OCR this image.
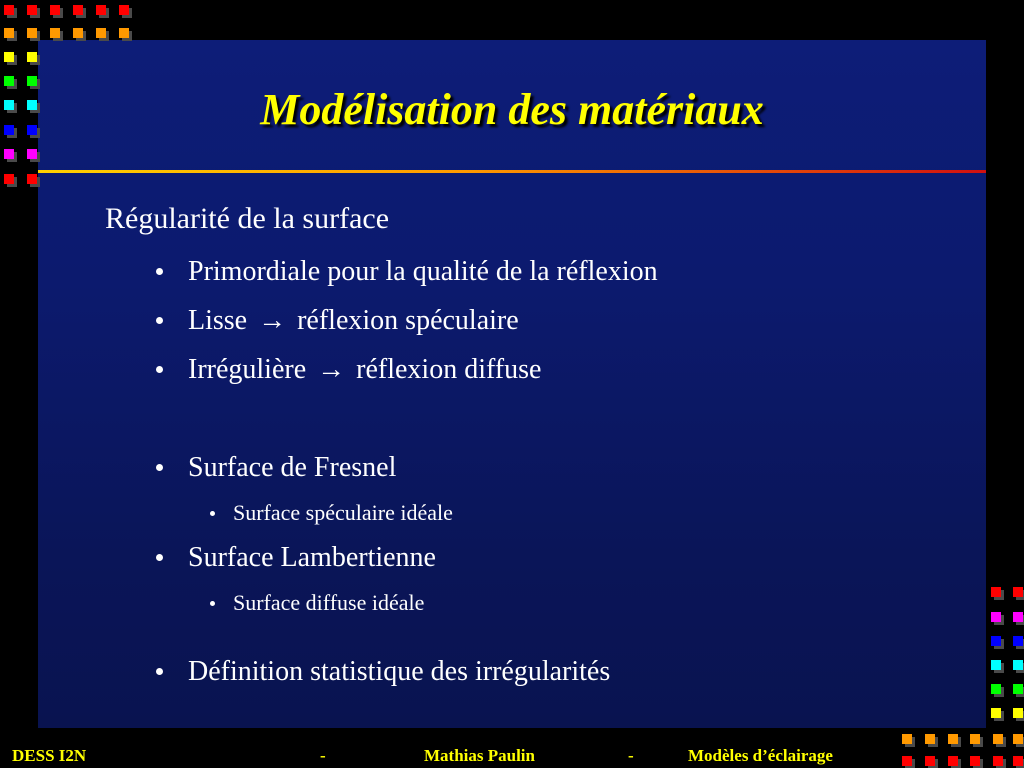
Modélisation des matériaux
Régularité de la surface
Primordiale pour la qualité de la réflexion
Lisse → réflexion spéculaire
Irrégulière → réflexion diffuse
Surface de Fresnel
Surface spéculaire idéale
Surface Lambertienne
Surface diffuse idéale
Définition statistique des irrégularités
DESS I2N	-	Mathias Paulin	-	Modèles d’éclairage
